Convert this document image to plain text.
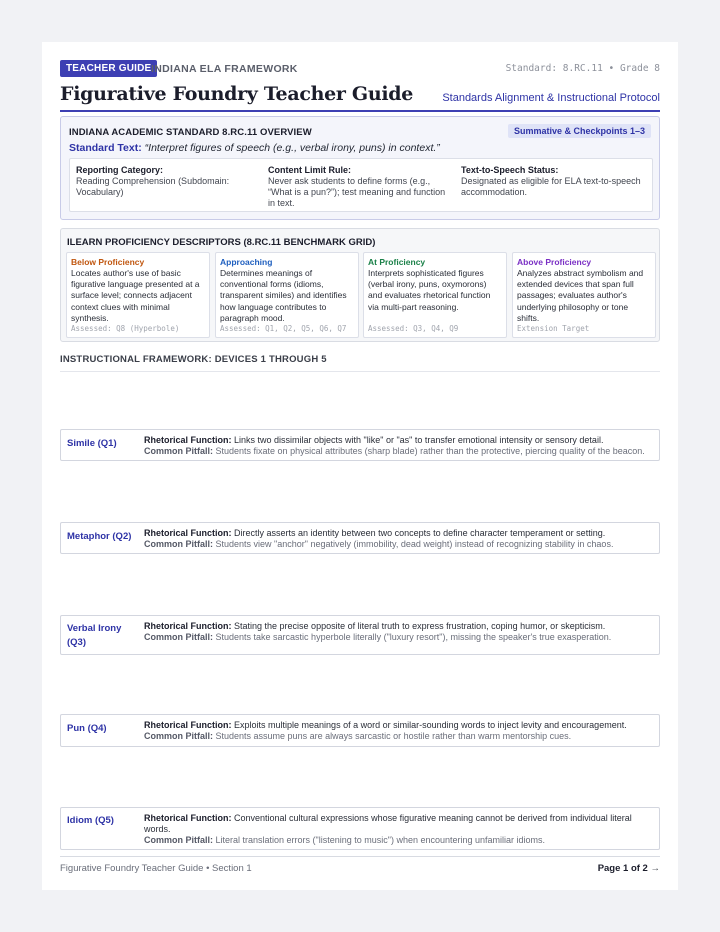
TEACHER GUIDE INDIANA ELA FRAMEWORK	Standard: 8.RC.11 • Grade 8
Figurative Foundry Teacher Guide	Standards Alignment & Instructional Protocol
INDIANA ACADEMIC STANDARD 8.RC.11 OVERVIEW	Summative & Checkpoints 1–3
Standard Text: “Interpret figures of speech (e.g., verbal irony, puns) in context.”
Reporting Category:
Reading Comprehension (Subdomain: Vocabulary)
Content Limit Rule:
Never ask students to define forms (e.g., “What is a pun?”); test meaning and function in text.
Text-to-Speech Status:
Designated as eligible for ELA text-to-speech accommodation.
ILEARN PROFICIENCY DESCRIPTORS (8.RC.11 BENCHMARK GRID)
Below Proficiency
Locates author's use of basic figurative language presented at a surface level; connects adjacent context clues with minimal synthesis.
Assessed: Q8 (Hyperbole)
Approaching
Determines meanings of conventional forms (idioms, transparent similes) and identifies how language contributes to paragraph mood.
Assessed: Q1, Q2, Q5, Q6, Q7
At Proficiency
Interprets sophisticated figures (verbal irony, puns, oxymorons) and evaluates rhetorical function via multi-part reasoning.
Assessed: Q3, Q4, Q9
Above Proficiency
Analyzes abstract symbolism and extended devices that span full passages; evaluates author's underlying philosophy or tone shifts.
Extension Target
INSTRUCTIONAL FRAMEWORK: DEVICES 1 THROUGH 5
Simile (Q1)	Rhetorical Function: Links two dissimilar objects with "like" or "as" to transfer emotional intensity or sensory detail.
Common Pitfall: Students fixate on physical attributes (sharp blade) rather than the protective, piercing quality of the beacon.
Metaphor (Q2)	Rhetorical Function: Directly asserts an identity between two concepts to define character temperament or setting.
Common Pitfall: Students view "anchor" negatively (immobility, dead weight) instead of recognizing stability in chaos.
Verbal Irony (Q3)
Rhetorical Function: Stating the precise opposite of literal truth to express frustration, coping humor, or skepticism.
Common Pitfall: Students take sarcastic hyperbole literally ("luxury resort"), missing the speaker's true exasperation.
Pun (Q4)	Rhetorical Function: Exploits multiple meanings of a word or similar-sounding words to inject levity and encouragement.
Common Pitfall: Students assume puns are always sarcastic or hostile rather than warm mentorship cues.
Idiom (Q5)	Rhetorical Function: Conventional cultural expressions whose figurative meaning cannot be derived from individual literal words.
Common Pitfall: Literal translation errors ("listening to music") when encountering unfamiliar idioms.
Figurative Foundry Teacher Guide • Section 1	Page 1 of 2 →
